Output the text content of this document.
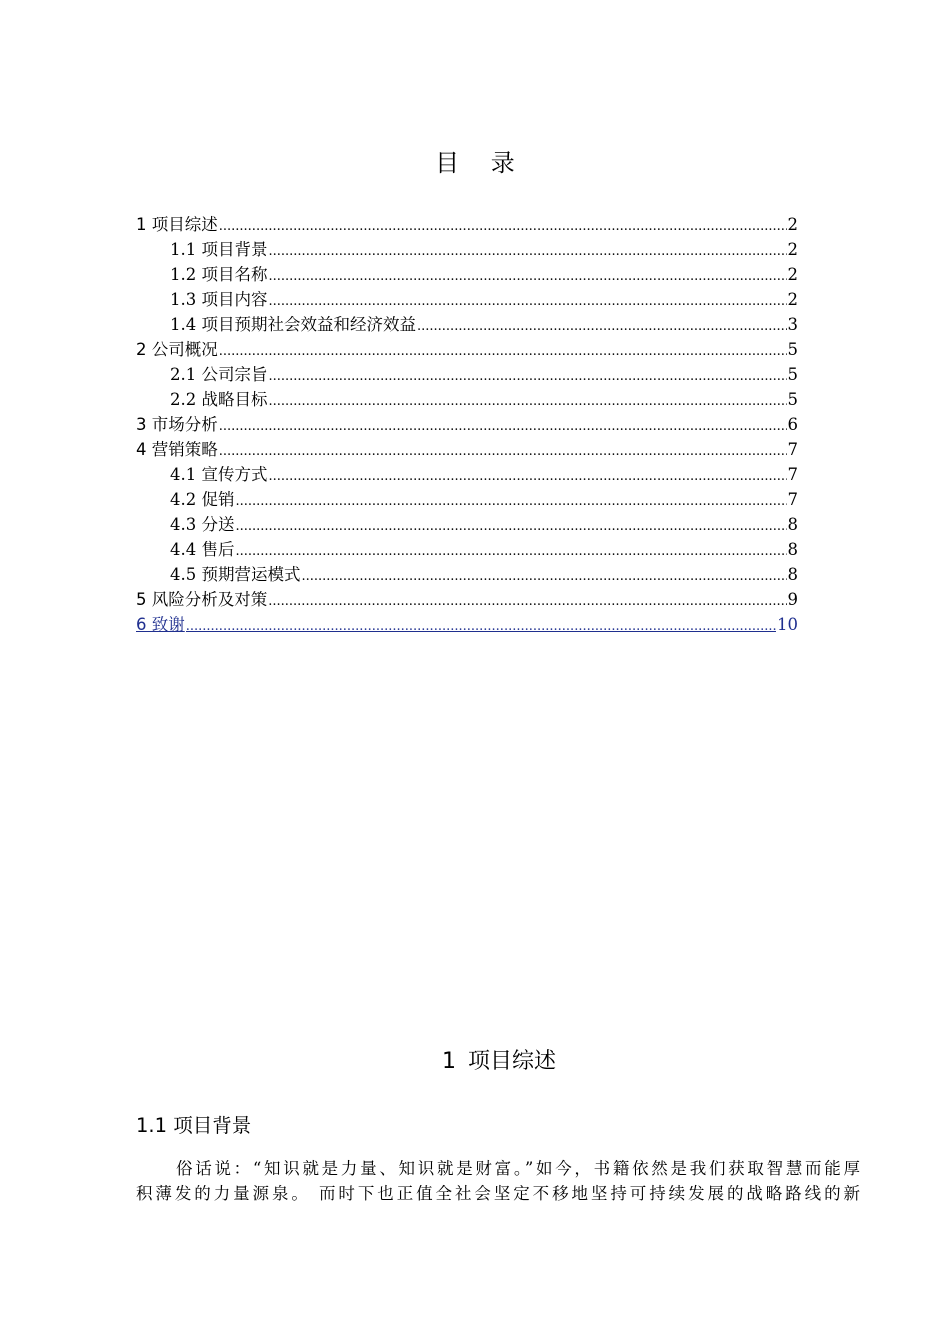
目 录
1 项目综述 .....	2
1.1 项目背景 .....	2
1.2 项目名称 .....	2
1.3 项目内容 .....	2
1.4 项目预期社会效益和经济效益 .....	3
2 公司概况 .....	5
2.1 公司宗旨 .....	5
2.2 战略目标 .....	5
3 市场分析 .....	6
4 营销策略 .....	7
4.1 宣传方式 .....	7
4.2 促销 .....	7
4.3 分送 .....	8
4.4 售后 .....	8
4.5 预期营运模式 .....	8
5 风险分析及对策 .....	9
6 致谢 .....	10
1 项目综述
1.1 项目背景
俗话说：“知识就是力量、知识就是财富。”如今，书籍依然是我们获取智慧而能厚
积薄发的力量源泉。 而时下也正值全社会坚定不移地坚持可持续发展的战略路线的新
